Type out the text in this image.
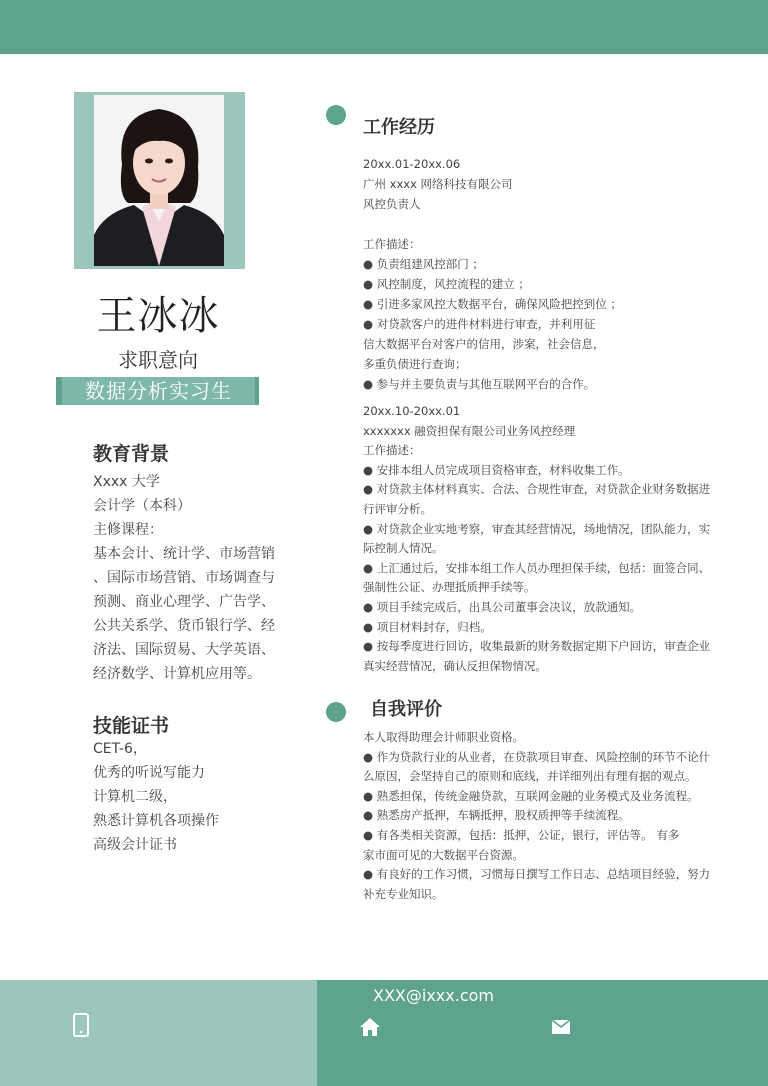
王冰冰
求职意向
数据分析实习生
教育背景
Xxxx 大学
会计学（本科）
主修课程：
基本会计、统计学、市场营销
、国际市场营销、市场调查与
预测、商业心理学、广告学、
公共关系学、货币银行学、经
济法、国际贸易、大学英语、
经济数学、计算机应用等。
技能证书
CET-6，
优秀的听说写能力
计算机二级，
熟悉计算机各项操作
高级会计证书
工作经历
20xx.01-20xx.06
广州 xxxx 网络科技有限公司
风控负责人

工作描述：
● 负责组建风控部门 ；
● 风控制度，风控流程的建立 ；
● 引进多家风控大数据平台，确保风险把控到位 ；
● 对贷款客户的进件材料进行审查，并利用征
信大数据平台对客户的信用，涉案，社会信息，
多重负债进行查询；
● 参与并主要负责与其他互联网平台的合作。
20xx.10-20xx.01
xxxxxxx 融资担保有限公司业务风控经理
工作描述：
● 安排本组人员完成项目资格审查，材料收集工作。
● 对贷款主体材料真实、合法、合规性审查，对贷款企业财务数据进
行评审分析。
● 对贷款企业实地考察，审查其经营情况，场地情况，团队能力，实
际控制人情况。
● 上汇通过后，安排本组工作人员办理担保手续，包括：面签合同、
强制性公证、办理抵质押手续等。
● 项目手续完成后，出具公司董事会决议，放款通知。
● 项目材料封存，归档。
● 按每季度进行回访，收集最新的财务数据定期下户回访，审查企业
真实经营情况，确认反担保物情况。
自我评价
本人取得助理会计师职业资格。
● 作为贷款行业的从业者，在贷款项目审查、风险控制的环节不论什
么原因，会坚持自己的原则和底线，并详细列出有理有据的观点。
● 熟悉担保，传统金融贷款，互联网金融的业务模式及业务流程。
● 熟悉房产抵押，车辆抵押，股权质押等手续流程。
● 有各类相关资源，包括：抵押，公证，银行，评估等。 有多
家市面可见的大数据平台资源。
● 有良好的工作习惯，习惯每日撰写工作日志、总结项目经验，努力
补充专业知识。
XXX@ixxx.com
